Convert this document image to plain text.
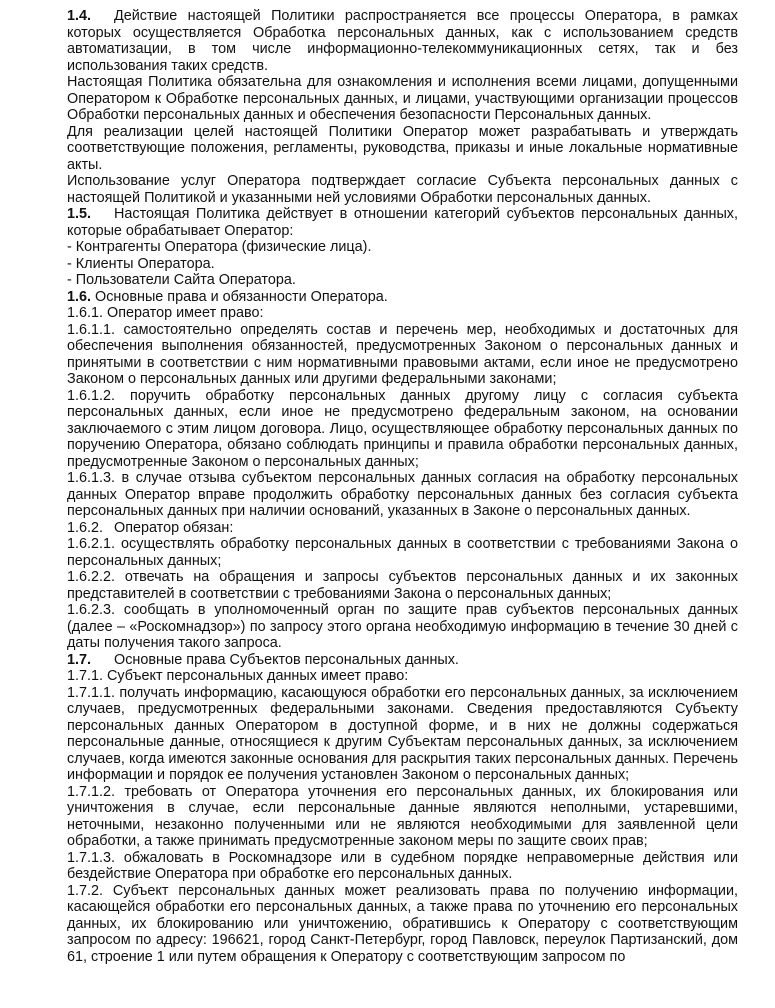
1.4. Действие настоящей Политики распространяется все процессы Оператора, в рамках которых осуществляется Обработка персональных данных, как с использованием средств автоматизации, в том числе информационно-телекоммуникационных сетях, так и без использования таких средств.

Настоящая Политика обязательна для ознакомления и исполнения всеми лицами, допущенными Оператором к Обработке персональных данных, и лицами, участвующими организации процессов Обработки персональных данных и обеспечения безопасности Персональных данных.

Для реализации целей настоящей Политики Оператор может разрабатывать и утверждать соответствующие положения, регламенты, руководства, приказы и иные локальные нормативные акты.

Использование услуг Оператора подтверждает согласие Субъекта персональных данных с настоящей Политикой и указанными ней условиями Обработки персональных данных.

1.5. Настоящая Политика действует в отношении категорий субъектов персональных данных, которые обрабатывает Оператор:

- Контрагенты Оператора (физические лица).

- Клиенты Оператора.

- Пользователи Сайта Оператора.

1.6. Основные права и обязанности Оператора.

1.6.1. Оператор имеет право:

1.6.1.1. самостоятельно определять состав и перечень мер, необходимых и достаточных для обеспечения выполнения обязанностей, предусмотренных Законом о персональных данных и принятыми в соответствии с ним нормативными правовыми актами, если иное не предусмотрено Законом о персональных данных или другими федеральными законами;

1.6.1.2. поручить обработку персональных данных другому лицу с согласия субъекта персональных данных, если иное не предусмотрено федеральным законом, на основании заключаемого с этим лицом договора. Лицо, осуществляющее обработку персональных данных по поручению Оператора, обязано соблюдать принципы и правила обработки персональных данных, предусмотренные Законом о персональных данных;

1.6.1.3. в случае отзыва субъектом персональных данных согласия на обработку персональных данных Оператор вправе продолжить обработку персональных данных без согласия субъекта персональных данных при наличии оснований, указанных в Законе о персональных данных.

1.6.2. Оператор обязан:

1.6.2.1. осуществлять обработку персональных данных в соответствии с требованиями Закона о персональных данных;

1.6.2.2. отвечать на обращения и запросы субъектов персональных данных и их законных представителей в соответствии с требованиями Закона о персональных данных;

1.6.2.3. сообщать в уполномоченный орган по защите прав субъектов персональных данных (далее – «Роскомнадзор») по запросу этого органа необходимую информацию в течение 30 дней с даты получения такого запроса.

1.7. Основные права Субъектов персональных данных.

1.7.1. Субъект персональных данных имеет право:

1.7.1.1. получать информацию, касающуюся обработки его персональных данных, за исключением случаев, предусмотренных федеральными законами. Сведения предоставляются Субъекту персональных данных Оператором в доступной форме, и в них не должны содержаться персональные данные, относящиеся к другим Субъектам персональных данных, за исключением случаев, когда имеются законные основания для раскрытия таких персональных данных. Перечень информации и порядок ее получения установлен Законом о персональных данных;

1.7.1.2. требовать от Оператора уточнения его персональных данных, их блокирования или уничтожения в случае, если персональные данные являются неполными, устаревшими, неточными, незаконно полученными или не являются необходимыми для заявленной цели обработки, а также принимать предусмотренные законом меры по защите своих прав;

1.7.1.3. обжаловать в Роскомнадзоре или в судебном порядке неправомерные действия или бездействие Оператора при обработке его персональных данных.

1.7.2. Субъект персональных данных может реализовать права по получению информации, касающейся обработки его персональных данных, а также права по уточнению его персональных данных, их блокированию или уничтожению, обратившись к Оператору с соответствующим запросом по адресу: 196621, город Санкт-Петербург, город Павловск, переулок Партизанский, дом 61, строение 1 или путем обращения к Оператору с соответствующим запросом по
